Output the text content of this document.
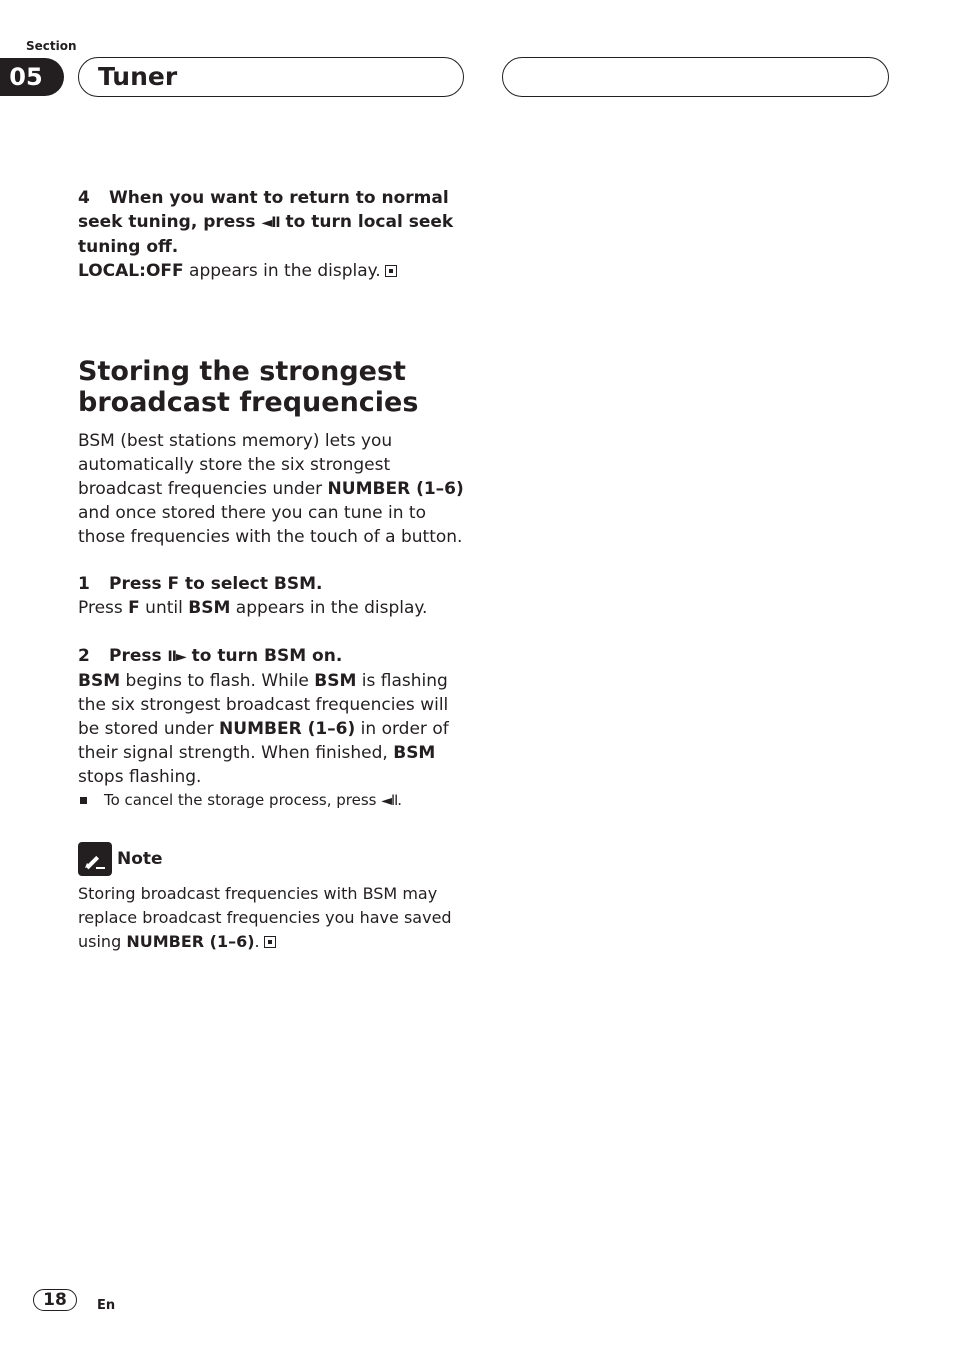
Section
05	Tuner

4 When you want to return to normal seek tuning, press ◄II to turn local seek tuning off.

LOCAL:OFF appears in the display.

Storing the strongest broadcast frequencies

BSM (best stations memory) lets you automatically store the six strongest broadcast frequencies under NUMBER (1–6) and once stored there you can tune in to those frequencies with the touch of a button.

1 Press F to select BSM.

Press F until BSM appears in the display.

2 Press II► to turn BSM on.

BSM begins to flash. While BSM is flashing the six strongest broadcast frequencies will be stored under NUMBER (1–6) in order of their signal strength. When finished, BSM stops flashing.

To cancel the storage process, press ◄II.
Note

Storing broadcast frequencies with BSM may replace broadcast frequencies you have saved using NUMBER (1–6).

18	En
